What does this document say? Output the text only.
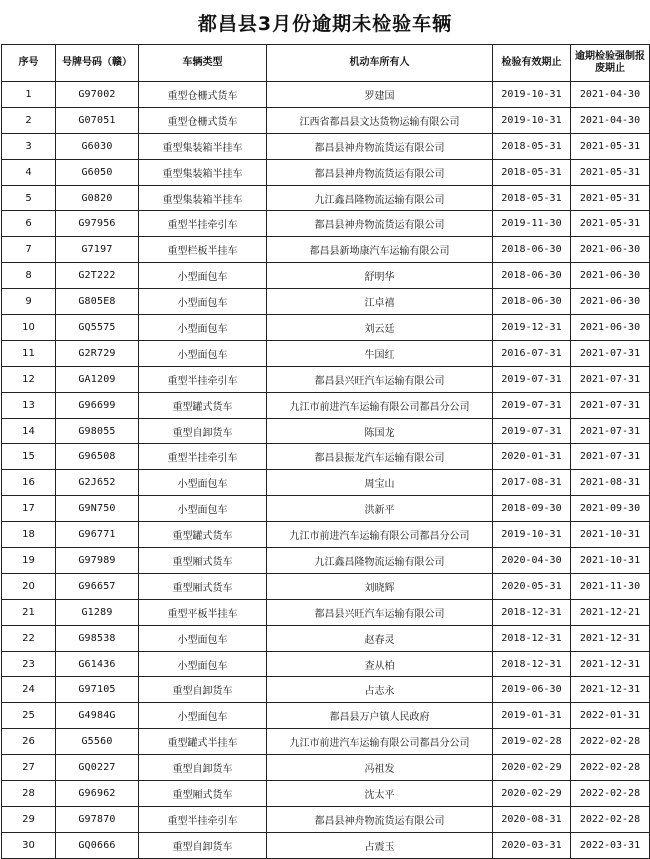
都昌县3月份逾期未检验车辆
序号	号牌号码（赣）	车辆类型	机动车所有人	检验有效期止	逾期检验强制报废期止
1	G97002	重型仓栅式货车	罗建国	2019-10-31	2021-04-30
2	G07051	重型仓栅式货车	江西省都昌县文达货物运输有限公司	2019-10-31	2021-04-30
3	G6030	重型集装箱半挂车	都昌县神舟物流货运有限公司	2018-05-31	2021-05-31
4	G6050	重型集装箱半挂车	都昌县神舟物流货运有限公司	2018-05-31	2021-05-31
5	G0820	重型集装箱半挂车	九江鑫昌隆物流运输有限公司	2018-05-31	2021-05-31
6	G97956	重型半挂牵引车	都昌县神舟物流货运有限公司	2019-11-30	2021-05-31
7	G7197	重型栏板半挂车	都昌县新坳康汽车运输有限公司	2018-06-30	2021-06-30
8	G2T222	小型面包车	舒明华	2018-06-30	2021-06-30
9	G805E8	小型面包车	江卓禧	2018-06-30	2021-06-30
10	GQ5575	小型面包车	刘云廷	2019-12-31	2021-06-30
11	G2R729	小型面包车	牛国红	2016-07-31	2021-07-31
12	GA1209	重型半挂牵引车	都昌县兴旺汽车运输有限公司	2019-07-31	2021-07-31
13	G96699	重型罐式货车	九江市前进汽车运输有限公司都昌分公司	2019-07-31	2021-07-31
14	G98055	重型自卸货车	陈国龙	2019-07-31	2021-07-31
15	G96508	重型半挂牵引车	都昌县振龙汽车运输有限公司	2020-01-31	2021-07-31
16	G2J652	小型面包车	周宝山	2017-08-31	2021-08-31
17	G9N750	小型面包车	洪新平	2018-09-30	2021-09-30
18	G96771	重型罐式货车	九江市前进汽车运输有限公司都昌分公司	2019-10-31	2021-10-31
19	G97989	重型厢式货车	九江鑫昌隆物流运输有限公司	2020-04-30	2021-10-31
20	G96657	重型厢式货车	刘晓辉	2020-05-31	2021-11-30
21	G1289	重型平板半挂车	都昌县兴旺汽车运输有限公司	2018-12-31	2021-12-21
22	G98538	小型面包车	赵春灵	2018-12-31	2021-12-31
23	G61436	小型面包车	查从柏	2018-12-31	2021-12-31
24	G97105	重型自卸货车	占志永	2019-06-30	2021-12-31
25	G4984G	小型面包车	都昌县万户镇人民政府	2019-01-31	2022-01-31
26	G5560	重型罐式半挂车	九江市前进汽车运输有限公司都昌分公司	2019-02-28	2022-02-28
27	GQ0227	重型自卸货车	冯祖发	2020-02-29	2022-02-28
28	G96962	重型厢式货车	沈太平	2020-02-29	2022-02-28
29	G97870	重型半挂牵引车	都昌县神舟物流货运有限公司	2020-08-31	2022-02-28
30	GQ0666	重型自卸货车	占震玉	2020-03-31	2022-03-31
